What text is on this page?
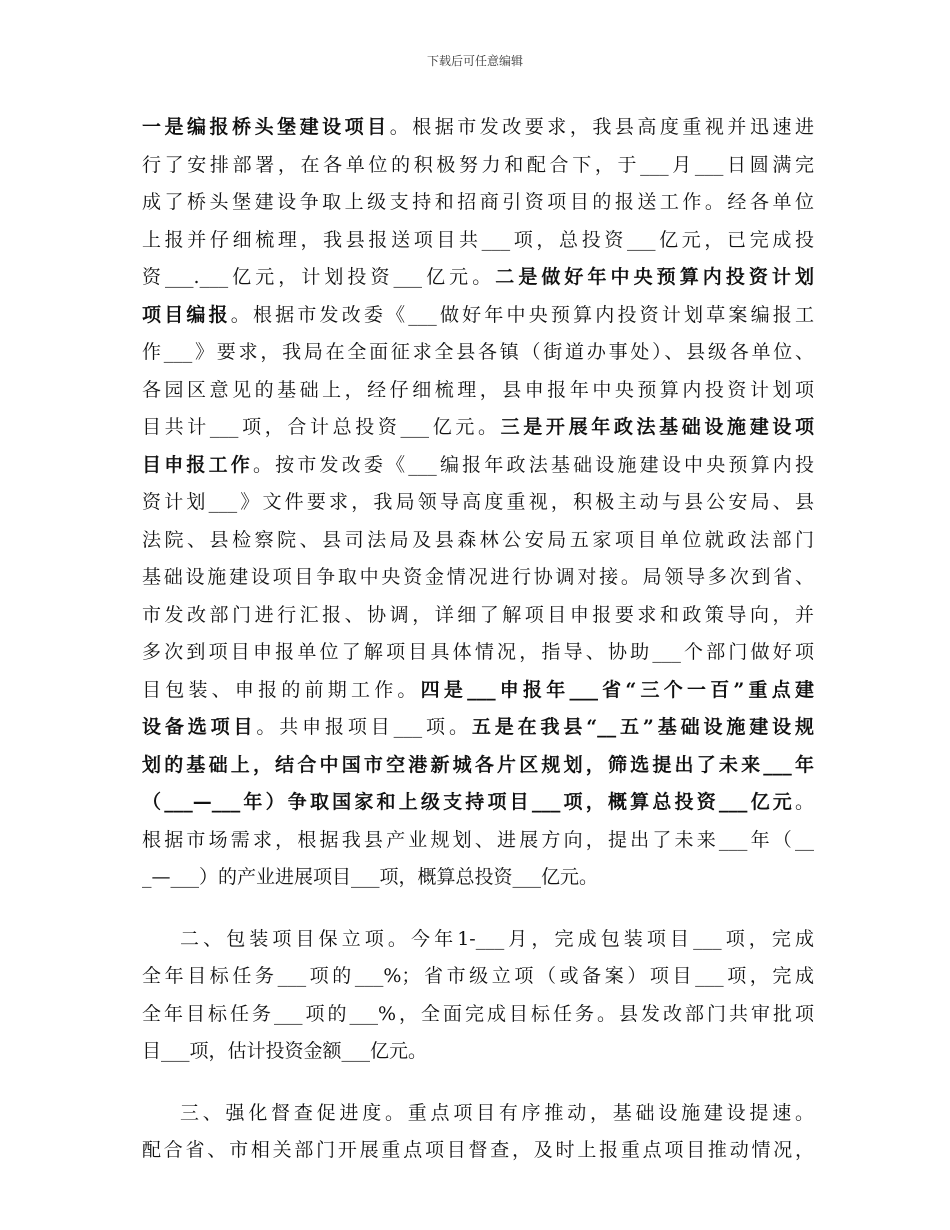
下载后可任意编辑
一是编报桥头堡建设项目。根据市发改要求，我县高度重视并迅速进
行了安排部署，在各单位的积极努力和配合下，于___月___日圆满完
成了桥头堡建设争取上级支持和招商引资项目的报送工作。经各单位
上报并仔细梳理，我县报送项目共___项，总投资___亿元，已完成投
资___.___亿元，计划投资___亿元。二是做好年中央预算内投资计划
项目编报。根据市发改委《___做好年中央预算内投资计划草案编报工
作___》要求，我局在全面征求全县各镇（街道办事处）、县级各单位、
各园区意见的基础上，经仔细梳理，县申报年中央预算内投资计划项
目共计___项，合计总投资___亿元。三是开展年政法基础设施建设项
目申报工作。按市发改委《___编报年政法基础设施建设中央预算内投
资计划___》文件要求，我局领导高度重视，积极主动与县公安局、县
法院、县检察院、县司法局及县森林公安局五家项目单位就政法部门
基础设施建设项目争取中央资金情况进行协调对接。局领导多次到省、
市发改部门进行汇报、协调，详细了解项目申报要求和政策导向，并
多次到项目申报单位了解项目具体情况，指导、协助___个部门做好项
目包装、申报的前期工作。四是___申报年___省“三个一百”重点建
设备选项目。共申报项目___项。五是在我县“__五”基础设施建设规
划的基础上，结合中国市空港新城各片区规划，筛选提出了未来___年
（___—___年）争取国家和上级支持项目___项，概算总投资___亿元。
根据市场需求，根据我县产业规划、进展方向，提出了未来___年（__
_—___）的产业进展项目___项，概算总投资___亿元。
二、包装项目保立项。今年1-___月，完成包装项目___项，完成
全年目标任务___项的___%；省市级立项（或备案）项目___项，完成
全年目标任务___项的___%，全面完成目标任务。县发改部门共审批项
目___项，估计投资金额___亿元。
三、强化督查促进度。重点项目有序推动，基础设施建设提速。
配合省、市相关部门开展重点项目督查，及时上报重点项目推动情况，
